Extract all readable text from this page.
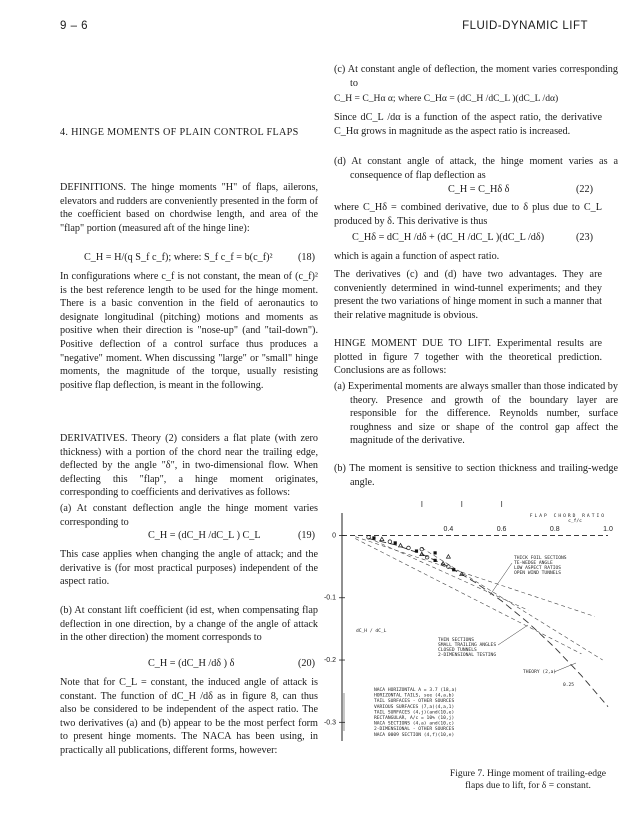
9 – 6	FLUID-DYNAMIC LIFT
4. HINGE MOMENTS OF PLAIN CONTROL FLAPS
DEFINITIONS. The hinge moments "H" of flaps, ailerons, elevators and rudders are conveniently presented in the form of the coefficient based on chordwise length, and area of the "flap" portion (measured aft of the hinge line):
C_H = H/(q S_f c_f); where: S_f c_f = b(c_f)² (18)
In configurations where c_f is not constant, the mean of (c_f)² is the best reference length to be used for the hinge moment. There is a basic convention in the field of aeronautics to designate longitudinal (pitching) motions and moments as positive when their direction is "nose-up" (and "tail-down"). Positive deflection of a control surface thus produces a "negative" moment. When discussing "large" or "small" hinge moments, the magnitude of the torque, usually resisting positive flap deflection, is meant in the following.
DERIVATIVES. Theory (2) considers a flat plate (with zero thickness) with a portion of the chord near the trailing edge, deflected by the angle "δ", in two-dimensional flow. When deflecting this "flap", a hinge moment originates, corresponding to coefficients and derivatives as follows:
(a) At constant deflection angle the hinge moment varies corresponding to
C_H = (dC_H /dC_L ) C_L	(19)
This case applies when changing the angle of attack; and the derivative is (for most practical purposes) independent of the aspect ratio.
(b) At constant lift coefficient (id est, when compensating flap deflection in one direction, by a change of the angle of attack in the other direction) the moment corresponds to
C_H = (dC_H /dδ ) δ	(20)
Note that for C_L = constant, the induced angle of attack is constant. The function of dC_H /dδ as in figure 8, can thus also be considered to be independent of the aspect ratio. The two derivatives (a) and (b) appear to be the most perfect form to present hinge moments. The NACA has been using, in practically all publications, different forms, however:
(c) At constant angle of deflection, the moment varies corresponding to
C_H = C_Hα α; where C_Hα = (dC_H /dC_L )(dC_L /dα)
Since dC_L /dα is a function of the aspect ratio, the derivative C_Hα grows in magnitude as the aspect ratio is increased.
(d) At constant angle of attack, the hinge moment varies as a consequence of flap deflection as
C_H = C_Hδ δ	(22)
where C_Hδ = combined derivative, due to δ plus due to C_L produced by δ. This derivative is thus
C_Hδ = dC_H /dδ + (dC_H /dC_L )(dC_L /dδ)	(23)
which is again a function of aspect ratio.
The derivatives (c) and (d) have two advantages. They are conveniently determined in wind-tunnel experiments; and they present the two variations of hinge moment in such a manner that their relative magnitude is obvious.
HINGE MOMENT DUE TO LIFT. Experimental results are plotted in figure 7 together with the theoretical prediction. Conclusions are as follows:
(a) Experimental moments are always smaller than those indicated by theory. Presence and growth of the boundary layer are responsible for the difference. Reynolds number, surface roughness and size or shape of the control gap affect the magnitude of the derivative.
(b) The moment is sensitive to section thickness and trailing-wedge angle.
FLAP CHORD RATIO
0.4	0.6	0.8	1.0
c_f/c
0
-0.1
-0.2
-0.3
dC_H / dC_L
THICK FOIL SECTIONS
TE-WEDGE ANGLE
LOW ASPECT RATIOS
OPEN WIND TUNNELS
THIN SECTIONS
SMALL TRAILING ANGLES
CLOSED TUNNELS
2-DIMENSIONAL TESTING
THEORY (2,a)
0.25
NACA HORIZONTAL A = 3.7 (18,a)
HORIZONTAL TAILS, see (4,a,b)
TAIL SURFACES - OTHER SOURCES
VARIOUS SURFACES (7,a)(4,a,1)
TAIL SURFACES (4,j)(and(10,e)
RECTANGULAR, A/c = 10% (10,j)
NACA SECTIONS (4,a) and(10,c)
2-DIMENSIONAL - OTHER SOURCES
NACA 0009 SECTION (4,f)(10,e)
Figure 7. Hinge moment of trailing-edge flaps due to lift, for δ = constant.
